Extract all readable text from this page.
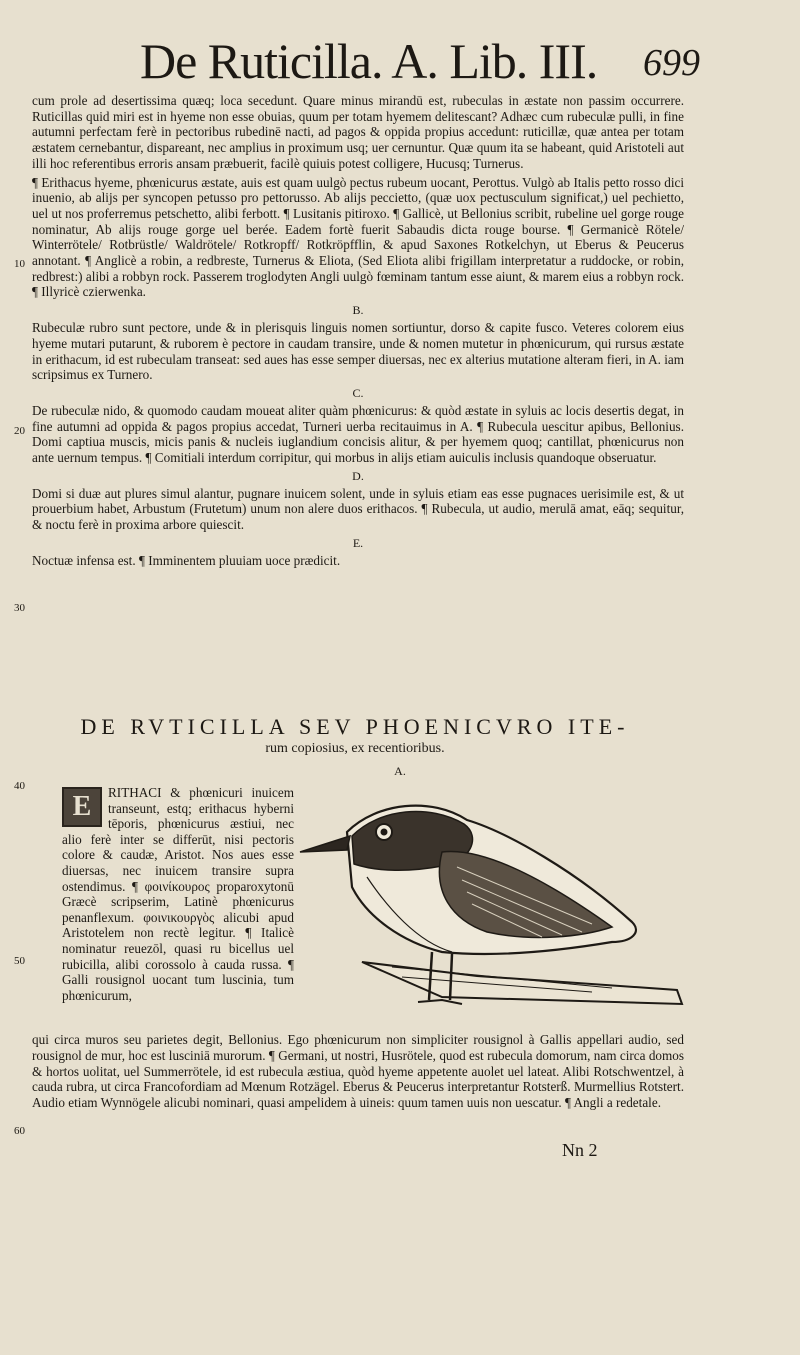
De Ruticilla. A. Lib. III. 699
10
20
30
40
50
60

cum prole ad desertissima quæq; loca secedunt. Quare minus mirandū est, rubeculas in æstate non passim occurrere. Ruticillas quid miri est in hyeme non esse obuias, quum per totam hyemem delitescant? Adhæc cum rubeculæ pulli, in fine autumni perfectam ferè in pectoribus rubedinē nacti, ad pagos & oppida propius accedunt: ruticillæ, quæ antea per totam æstatem cernebantur, dispareant, nec amplius in proximum usq; uer cernuntur. Quæ quum ita se habeant, quid Aristoteli aut illi hoc referentibus erroris ansam præbuerit, facilè quiuis potest colligere, Hucusq; Turnerus.

¶ Erithacus hyeme, phœnicurus æstate, auis est quam uulgò pectus rubeum uocant, Perottus. Vulgò ab Italis petto rosso dici inuenio, ab alijs per syncopen petusso pro pettorusso. Ab alijs peccietto, (quæ uox pectusculum significat,) uel pechietto, uel ut nos proferremus petschetto, alibi ferbott. ¶ Lusitanis pitiroxo. ¶ Gallicè, ut Bellonius scribit, rubeline uel gorge rouge nominatur, Ab alijs rouge gorge uel berée. Eadem fortè fuerit Sabaudis dicta rouge bourse. ¶ Germanicè Rötele/ Winterrötele/ Rotbrüstle/ Waldrötele/ Rotkropff/ Rotkröpfflin, & apud Saxones Rotkelchyn, ut Eberus & Peucerus annotant. ¶ Anglicè a robin, a redbreste, Turnerus & Eliota, (Sed Eliota alibi frigillam interpretatur a ruddocke, or robin, redbrest:) alibi a robbyn rock. Passerem troglodyten Angli uulgò fœminam tantum esse aiunt, & marem eius a robbyn rock. ¶ Illyricè czierwenka.

B.

Rubeculæ rubro sunt pectore, unde & in plerisquis linguis nomen sortiuntur, dorso & capite fusco. Veteres colorem eius hyeme mutari putarunt, & ruborem è pectore in caudam transire, unde & nomen mutetur in phœnicurum, qui rursus æstate in erithacum, id est rubeculam transeat: sed aues has esse semper diuersas, nec ex alterius mutatione alteram fieri, in A. iam scripsimus ex Turnero.

C.

De rubeculæ nido, & quomodo caudam moueat aliter quàm phœnicurus: & quòd æstate in syluis ac locis desertis degat, in fine autumni ad oppida & pagos propius accedat, Turneri uerba recitauimus in A. ¶ Rubecula uescitur apibus, Bellonius. Domi captiua muscis, micis panis & nucleis iuglandium concisis alitur, & per hyemem quoq; cantillat, phœnicurus non ante uernum tempus. ¶ Comitiali interdum corripitur, qui morbus in alijs etiam auiculis inclusis quandoque obseruatur.

D.

Domi si duæ aut plures simul alantur, pugnare inuicem solent, unde in syluis etiam eas esse pugnaces uerisimile est, & ut prouerbium habet, Arbustum (Frutetum) unum non alere duos erithacos. ¶ Rubecula, ut audio, merulā amat, eāq; sequitur, & noctu ferè in proxima arbore quiescit.

E.

Noctuæ infensa est. ¶ Imminentem pluuiam uoce prædicit.

DE RVTICILLA SEV PHOENICVRO ITE-
rum copiosius, ex recentioribus.
A.

E	RITHACI & phœnicuri inuicem transeunt, estq; erithacus hyberni tēporis, phœnicurus æstiui, nec alio ferè inter se differūt, nisi pectoris colore & caudæ, Aristot. Nos aues esse diuersas, nec inuicem transire supra ostendimus. ¶ φοινίκουρος proparoxytonū Græcè scripserim, Latinè phœnicurus penanflexum. φοινικουργὸς alicubi apud Aristotelem non rectè legitur. ¶ Italicè nominatur reuezōl, quasi ru bicellus uel rubicilla, alibi corossolo à cauda russa. ¶ Galli rousignol uocant tum luscinia, tum phœnicurum,

qui circa muros seu parietes degit, Bellonius. Ego phœnicurum non simpliciter rousignol à Gallis appellari audio, sed rousignol de mur, hoc est lusciniā murorum. ¶ Germani, ut nostri, Husrötele, quod est rubecula domorum, nam circa domos & hortos uolitat, uel Summerrötele, id est rubecula æstiua, quòd hyeme appetente auolet uel lateat. Alibi Rotschwentzel, à cauda rubra, ut circa Francofordiam ad Mœnum Rotzägel. Eberus & Peucerus interpretantur Rotsterß. Murmellius Rotstert. Audio etiam Wynnögele alicubi nominari, quasi ampelidem à uineis: quum tamen uuis non uescatur. ¶ Angli a redetale.

Nn 2
